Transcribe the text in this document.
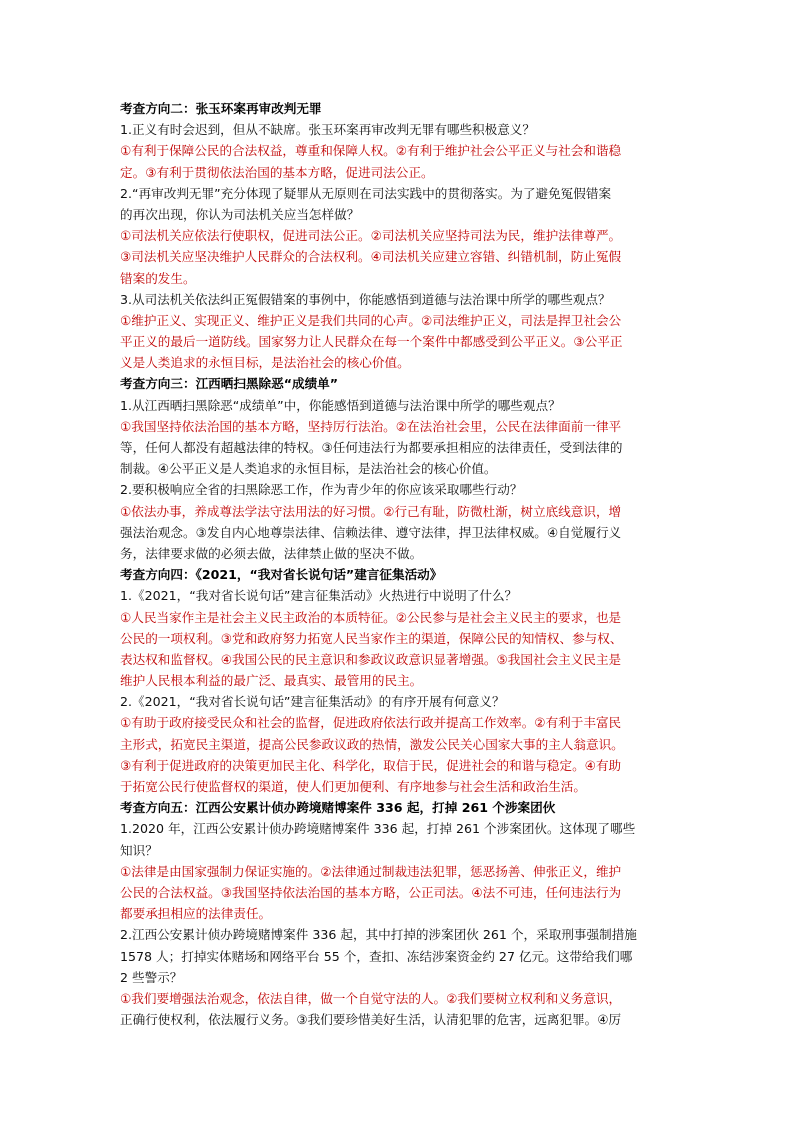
考查方向二：张玉环案再审改判无罪
1.正义有时会迟到，但从不缺席。张玉环案再审改判无罪有哪些积极意义？
①有利于保障公民的合法权益，尊重和保障人权。②有利于维护社会公平正义与社会和谐稳
定。③有利于贯彻依法治国的基本方略，促进司法公正。
2.“再审改判无罪”充分体现了疑罪从无原则在司法实践中的贯彻落实。为了避免冤假错案
的再次出现，你认为司法机关应当怎样做？
①司法机关应依法行使职权，促进司法公正。②司法机关应坚持司法为民，维护法律尊严。
③司法机关应坚决维护人民群众的合法权利。④司法机关应建立容错、纠错机制，防止冤假
错案的发生。
3.从司法机关依法纠正冤假错案的事例中，你能感悟到道德与法治课中所学的哪些观点？
①维护正义、实现正义、维护正义是我们共同的心声。②司法维护正义，司法是捍卫社会公
平正义的最后一道防线。国家努力让人民群众在每一个案件中都感受到公平正义。③公平正
义是人类追求的永恒目标，是法治社会的核心价值。
考查方向三：江西晒扫黑除恶“成绩单”
1.从江西晒扫黑除恶“成绩单”中，你能感悟到道德与法治课中所学的哪些观点？
①我国坚持依法治国的基本方略，坚持厉行法治。②在法治社会里，公民在法律面前一律平
等，任何人都没有超越法律的特权。③任何违法行为都要承担相应的法律责任，受到法律的
制裁。④公平正义是人类追求的永恒目标，是法治社会的核心价值。
2.要积极响应全省的扫黑除恶工作，作为青少年的你应该采取哪些行动？
①依法办事，养成尊法学法守法用法的好习惯。②行己有耻，防微杜渐，树立底线意识，增
强法治观念。③发自内心地尊崇法律、信赖法律、遵守法律，捍卫法律权威。④自觉履行义
务，法律要求做的必须去做，法律禁止做的坚决不做。
考查方向四：《2021，“我对省长说句话”建言征集活动》
1.《2021，“我对省长说句话”建言征集活动》火热进行中说明了什么？
①人民当家作主是社会主义民主政治的本质特征。②公民参与是社会主义民主的要求，也是
公民的一项权利。③党和政府努力拓宽人民当家作主的渠道，保障公民的知情权、参与权、
表达权和监督权。④我国公民的民主意识和参政议政意识显著增强。⑤我国社会主义民主是
维护人民根本利益的最广泛、最真实、最管用的民主。
2.《2021，“我对省长说句话”建言征集活动》的有序开展有何意义？
①有助于政府接受民众和社会的监督，促进政府依法行政并提高工作效率。②有利于丰富民
主形式，拓宽民主渠道，提高公民参政议政的热情，激发公民关心国家大事的主人翁意识。
③有利于促进政府的决策更加民主化、科学化，取信于民，促进社会的和谐与稳定。④有助
于拓宽公民行使监督权的渠道，使人们更加便利、有序地参与社会生活和政治生活。
考查方向五：江西公安累计侦办跨境赌博案件 336 起，打掉 261 个涉案团伙
1.2020 年，江西公安累计侦办跨境赌博案件 336 起，打掉 261 个涉案团伙。这体现了哪些
知识？
①法律是由国家强制力保证实施的。②法律通过制裁违法犯罪，惩恶扬善、伸张正义，维护
公民的合法权益。③我国坚持依法治国的基本方略，公正司法。④法不可违，任何违法行为
都要承担相应的法律责任。
2.江西公安累计侦办跨境赌博案件 336 起，其中打掉的涉案团伙 261 个，采取刑事强制措施
1578 人；打掉实体赌场和网络平台 55 个，查扣、冻结涉案资金约 27 亿元。这带给我们哪
2 些警示？
①我们要增强法治观念，依法自律，做一个自觉守法的人。②我们要树立权利和义务意识，
正确行使权利，依法履行义务。③我们要珍惜美好生活，认清犯罪的危害，远离犯罪。④厉
